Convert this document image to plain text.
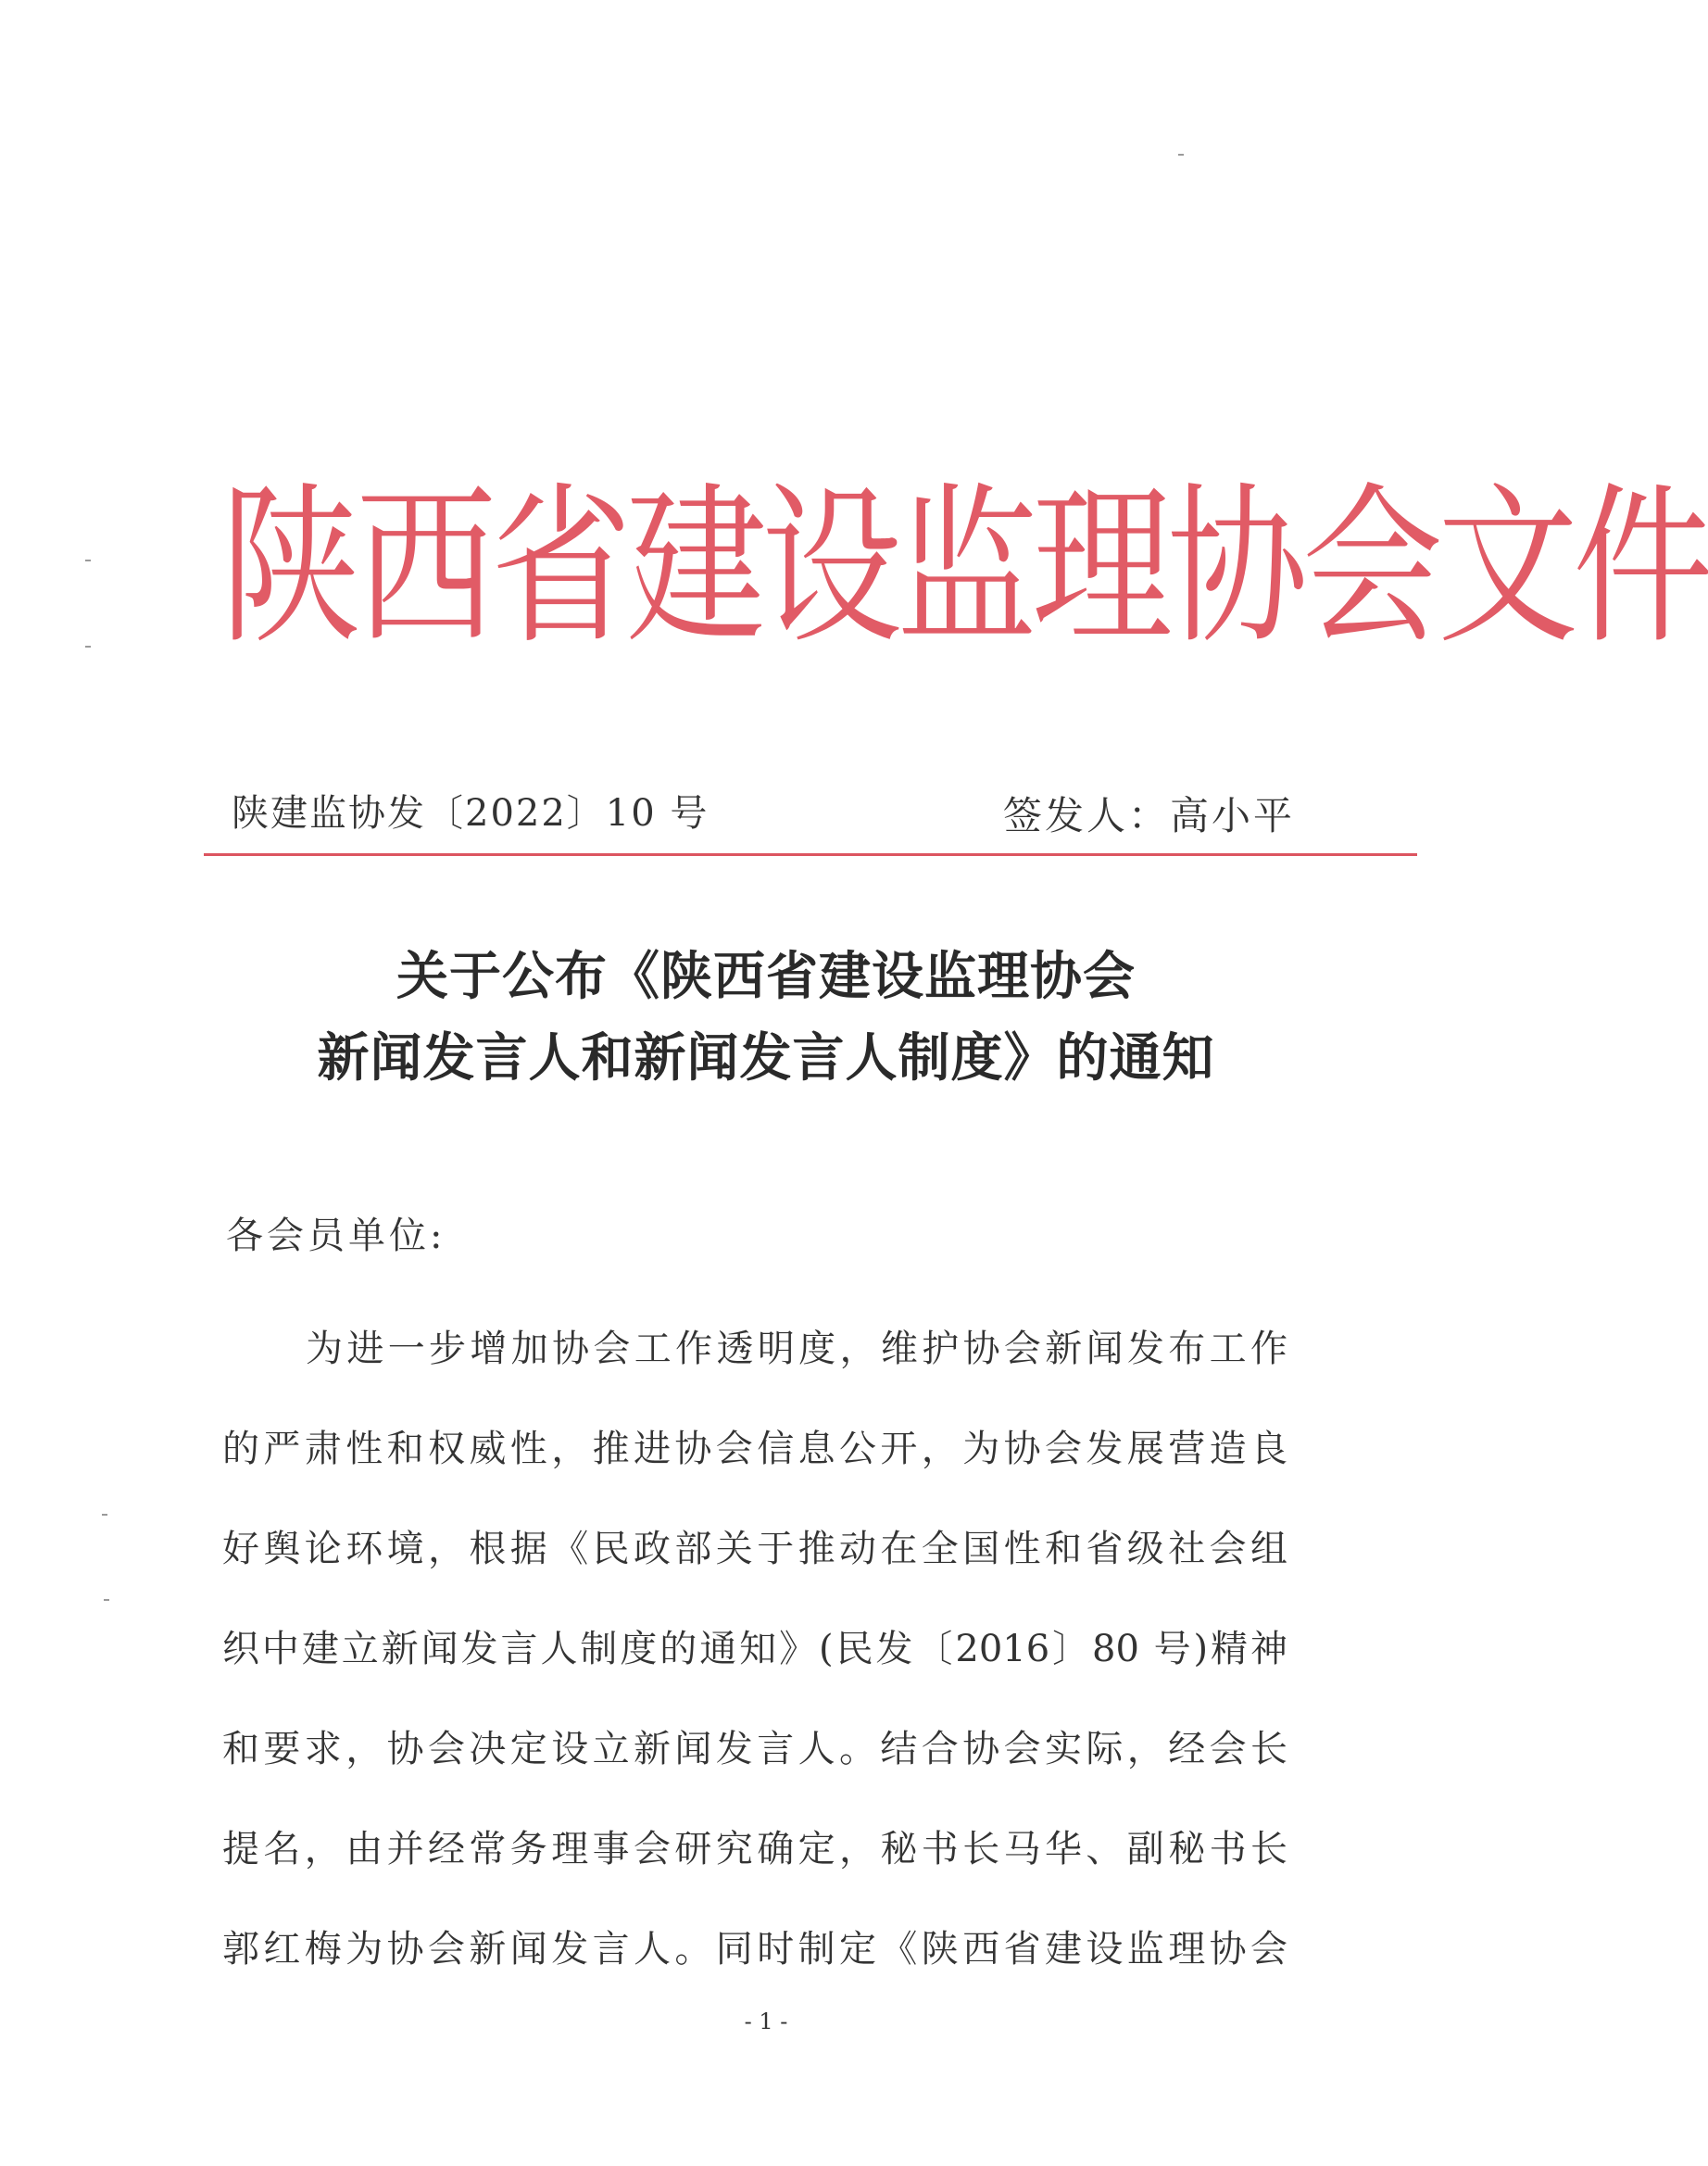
陕西省建设监理协会文件
陕建监协发〔2022〕10 号	签发人：高小平
关于公布《陕西省建设监理协会
新闻发言人和新闻发言人制度》的通知
各会员单位:
为进一步增加协会工作透明度，维护协会新闻发布工作
的严肃性和权威性，推进协会信息公开，为协会发展营造良
好舆论环境，根据《民政部关于推动在全国性和省级社会组
织中建立新闻发言人制度的通知》(民发〔2016〕80 号)精神
和要求，协会决定设立新闻发言人。结合协会实际，经会长
提名，由并经常务理事会研究确定，秘书长马华、副秘书长
郭红梅为协会新闻发言人。同时制定《陕西省建设监理协会
- 1 -
